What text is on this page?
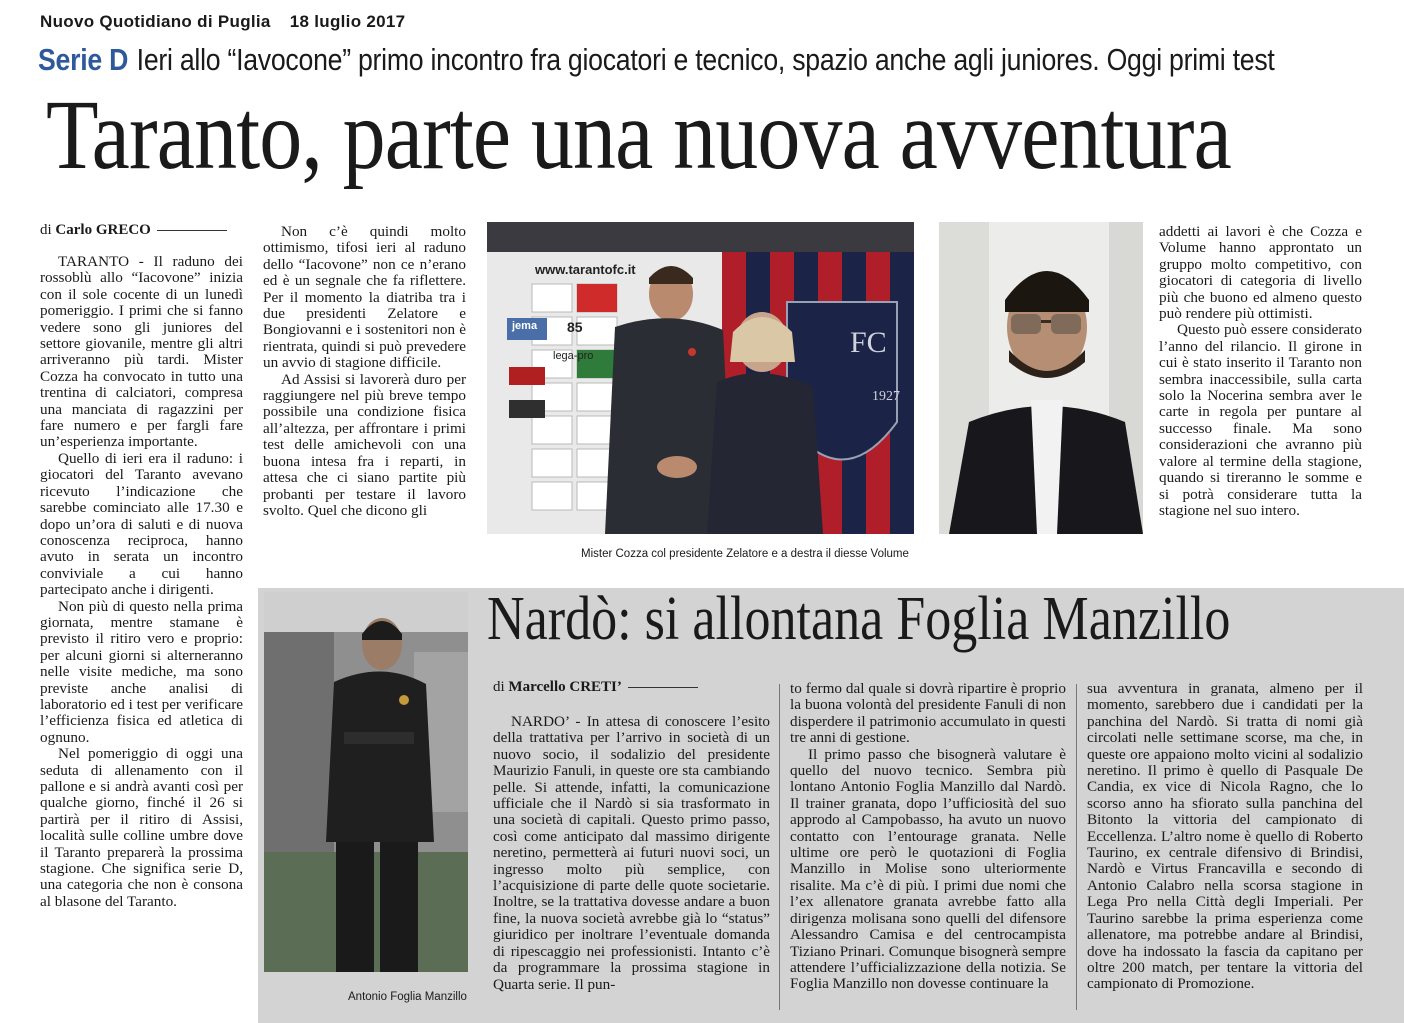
Nuovo Quotidiano di Puglia 18 luglio 2017
Serie D Ieri allo “Iavocone” primo incontro fra giocatori e tecnico, spazio anche agli juniores. Oggi primi test
Taranto, parte una nuova avventura
di Carlo GRECO

TARANTO - Il raduno dei rossoblù allo “Iacovone” inizia con il sole cocente di un lunedì pomeriggio. I primi che si fanno vedere sono gli juniores del settore giovanile, mentre gli altri arriveranno più tardi. Mister Cozza ha convocato in tutto una trentina di calciatori, compresa una manciata di ragazzini per fare numero e per fargli fare un’esperienza importante.

Quello di ieri era il raduno: i giocatori del Taranto avevano ricevuto l’indicazione che sarebbe cominciato alle 17.30 e dopo un’ora di saluti e di nuova conoscenza reciproca, hanno avuto in serata un incontro conviviale a cui hanno partecipato anche i dirigenti.

Non più di questo nella prima giornata, mentre stamane è previsto il ritiro vero e proprio: per alcuni giorni si alterneranno nelle visite mediche, ma sono previste anche analisi di laboratorio ed i test per verificare l’efficienza fisica ed atletica di ognuno.

Nel pomeriggio di oggi una seduta di allenamento con il pallone e si andrà avanti così per qualche giorno, finché il 26 si partirà per il ritiro di Assisi, località sulle colline umbre dove il Taranto preparerà la prossima stagione. Che significa serie D, una categoria che non è consona al blasone del Taranto.

Non c’è quindi molto ottimismo, tifosi ieri al raduno dello “Iacovone” non ce n’erano ed è un segnale che fa riflettere. Per il momento la diatriba tra i due presidenti Zelatore e Bongiovanni e i sostenitori non è rientrata, quindi si può prevedere un avvio di stagione difficile.

Ad Assisi si lavorerà duro per raggiungere nel più breve tempo possibile una condizione fisica all’altezza, per affrontare i primi test delle amichevoli con una buona intesa fra i reparti, in attesa che ci siano partite più probanti per testare il lavoro svolto. Quel che dicono gli

www.tarantofc.it
jema 85
lega-pro	FC
1927
Mister Cozza col presidente Zelatore e a destra il diesse Volume

addetti ai lavori è che Cozza e Volume hanno approntato un gruppo molto competitivo, con giocatori di categoria di livello più che buono ed almeno questo può rendere più ottimisti.

Questo può essere considerato l’anno del rilancio. Il girone in cui è stato inserito il Taranto non sembra inaccessibile, sulla carta solo la Nocerina sembra aver le carte in regola per puntare al successo finale. Ma sono considerazioni che avranno più valore al termine della stagione, quando si tireranno le somme e si potrà considerare tutta la stagione nel suo intero.

Antonio Foglia Manzillo
Nardò: si allontana Foglia Manzillo
di Marcello CRETI’

NARDO’ - In attesa di conoscere l’esito della trattativa per l’arrivo in società di un nuovo socio, il sodalizio del presidente Maurizio Fanuli, in queste ore sta cambiando pelle. Si attende, infatti, la comunicazione ufficiale che il Nardò si sia trasformato in una società di capitali. Questo primo passo, così come anticipato dal massimo dirigente neretino, permetterà ai futuri nuovi soci, un ingresso molto più semplice, con l’acquisizione di parte delle quote societarie. Inoltre, se la trattativa dovesse andare a buon fine, la nuova società avrebbe già lo “status” giuridico per inoltrare l’eventuale domanda di ripescaggio nei professionisti. Intanto c’è da programmare la prossima stagione in Quarta serie. Il pun-

to fermo dal quale si dovrà ripartire è proprio la buona volontà del presidente Fanuli di non disperdere il patrimonio accumulato in questi tre anni di gestione.

Il primo passo che bisognerà valutare è quello del nuovo tecnico. Sembra più lontano Antonio Foglia Manzillo dal Nardò. Il trainer granata, dopo l’ufficiosità del suo approdo al Campobasso, ha avuto un nuovo contatto con l’entourage granata. Nelle ultime ore però le quotazioni di Foglia Manzillo in Molise sono ulteriormente risalite. Ma c’è di più. I primi due nomi che l’ex allenatore granata avrebbe fatto alla dirigenza molisana sono quelli del difensore Alessandro Camisa e del centrocampista Tiziano Prinari. Comunque bisognerà sempre attendere l’ufficializzazione della notizia. Se Foglia Manzillo non dovesse continuare la

sua avventura in granata, almeno per il momento, sarebbero due i candidati per la panchina del Nardò. Si tratta di nomi già circolati nelle settimane scorse, ma che, in queste ore appaiono molto vicini al sodalizio neretino. Il primo è quello di Pasquale De Candia, ex vice di Nicola Ragno, che lo scorso anno ha sfiorato sulla panchina del Bitonto la vittoria del campionato di Eccellenza. L’altro nome è quello di Roberto Taurino, ex centrale difensivo di Brindisi, Nardò e Virtus Francavilla e secondo di Antonio Calabro nella scorsa stagione in Lega Pro nella Città degli Imperiali. Per Taurino sarebbe la prima esperienza come allenatore, ma potrebbe andare al Brindisi, dove ha indossato la fascia da capitano per oltre 200 match, per tentare la vittoria del campionato di Promozione.
